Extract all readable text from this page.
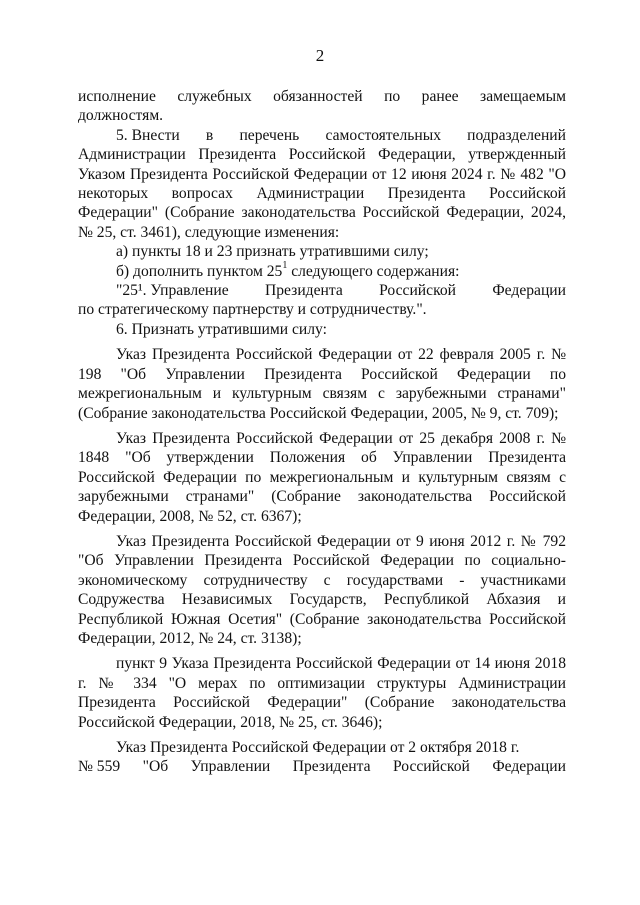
2
исполнение служебных обязанностей по ранее замещаемым

должностям.

5. Внести в перечень самостоятельных подразделений

Администрации Президента Российской Федерации, утвержденный Указом Президента Российской Федерации от 12 июня 2024 г. № 482 "О некоторых вопросах Администрации Президента Российской Федерации" (Собрание законодательства Российской Федерации, 2024, № 25, ст. 3461), следующие изменения:

а) пункты 18 и 23 признать утратившими силу;

б) дополнить пунктом $25^1$ следующего содержания:

"25¹. Управление Президента Российской Федерации

по стратегическому партнерству и сотрудничеству.".

6. Признать утратившими силу:

Указ Президента Российской Федерации от 22 февраля 2005 г. № 198 "Об Управлении Президента Российской Федерации по межрегиональным и культурным связям с зарубежными странами" (Собрание законодательства Российской Федерации, 2005, № 9, ст. 709);

Указ Президента Российской Федерации от 25 декабря 2008 г. № 1848 "Об утверждении Положения об Управлении Президента Российской Федерации по межрегиональным и культурным связям с зарубежными странами" (Собрание законодательства Российской Федерации, 2008, № 52, ст. 6367);

Указ Президента Российской Федерации от 9 июня 2012 г. № 792 "Об Управлении Президента Российской Федерации по социально-экономическому сотрудничеству с государствами - участниками Содружества Независимых Государств, Республикой Абхазия и Республикой Южная Осетия" (Собрание законодательства Российской Федерации, 2012, № 24, ст. 3138);

пункт 9 Указа Президента Российской Федерации от 14 июня 2018 г. № 334 "О мерах по оптимизации структуры Администрации Президента Российской Федерации" (Собрание законодательства Российской Федерации, 2018, № 25, ст. 3646);

Указ Президента Российской Федерации от 2 октября 2018 г.

№ 559 "Об Управлении Президента Российской Федерации
